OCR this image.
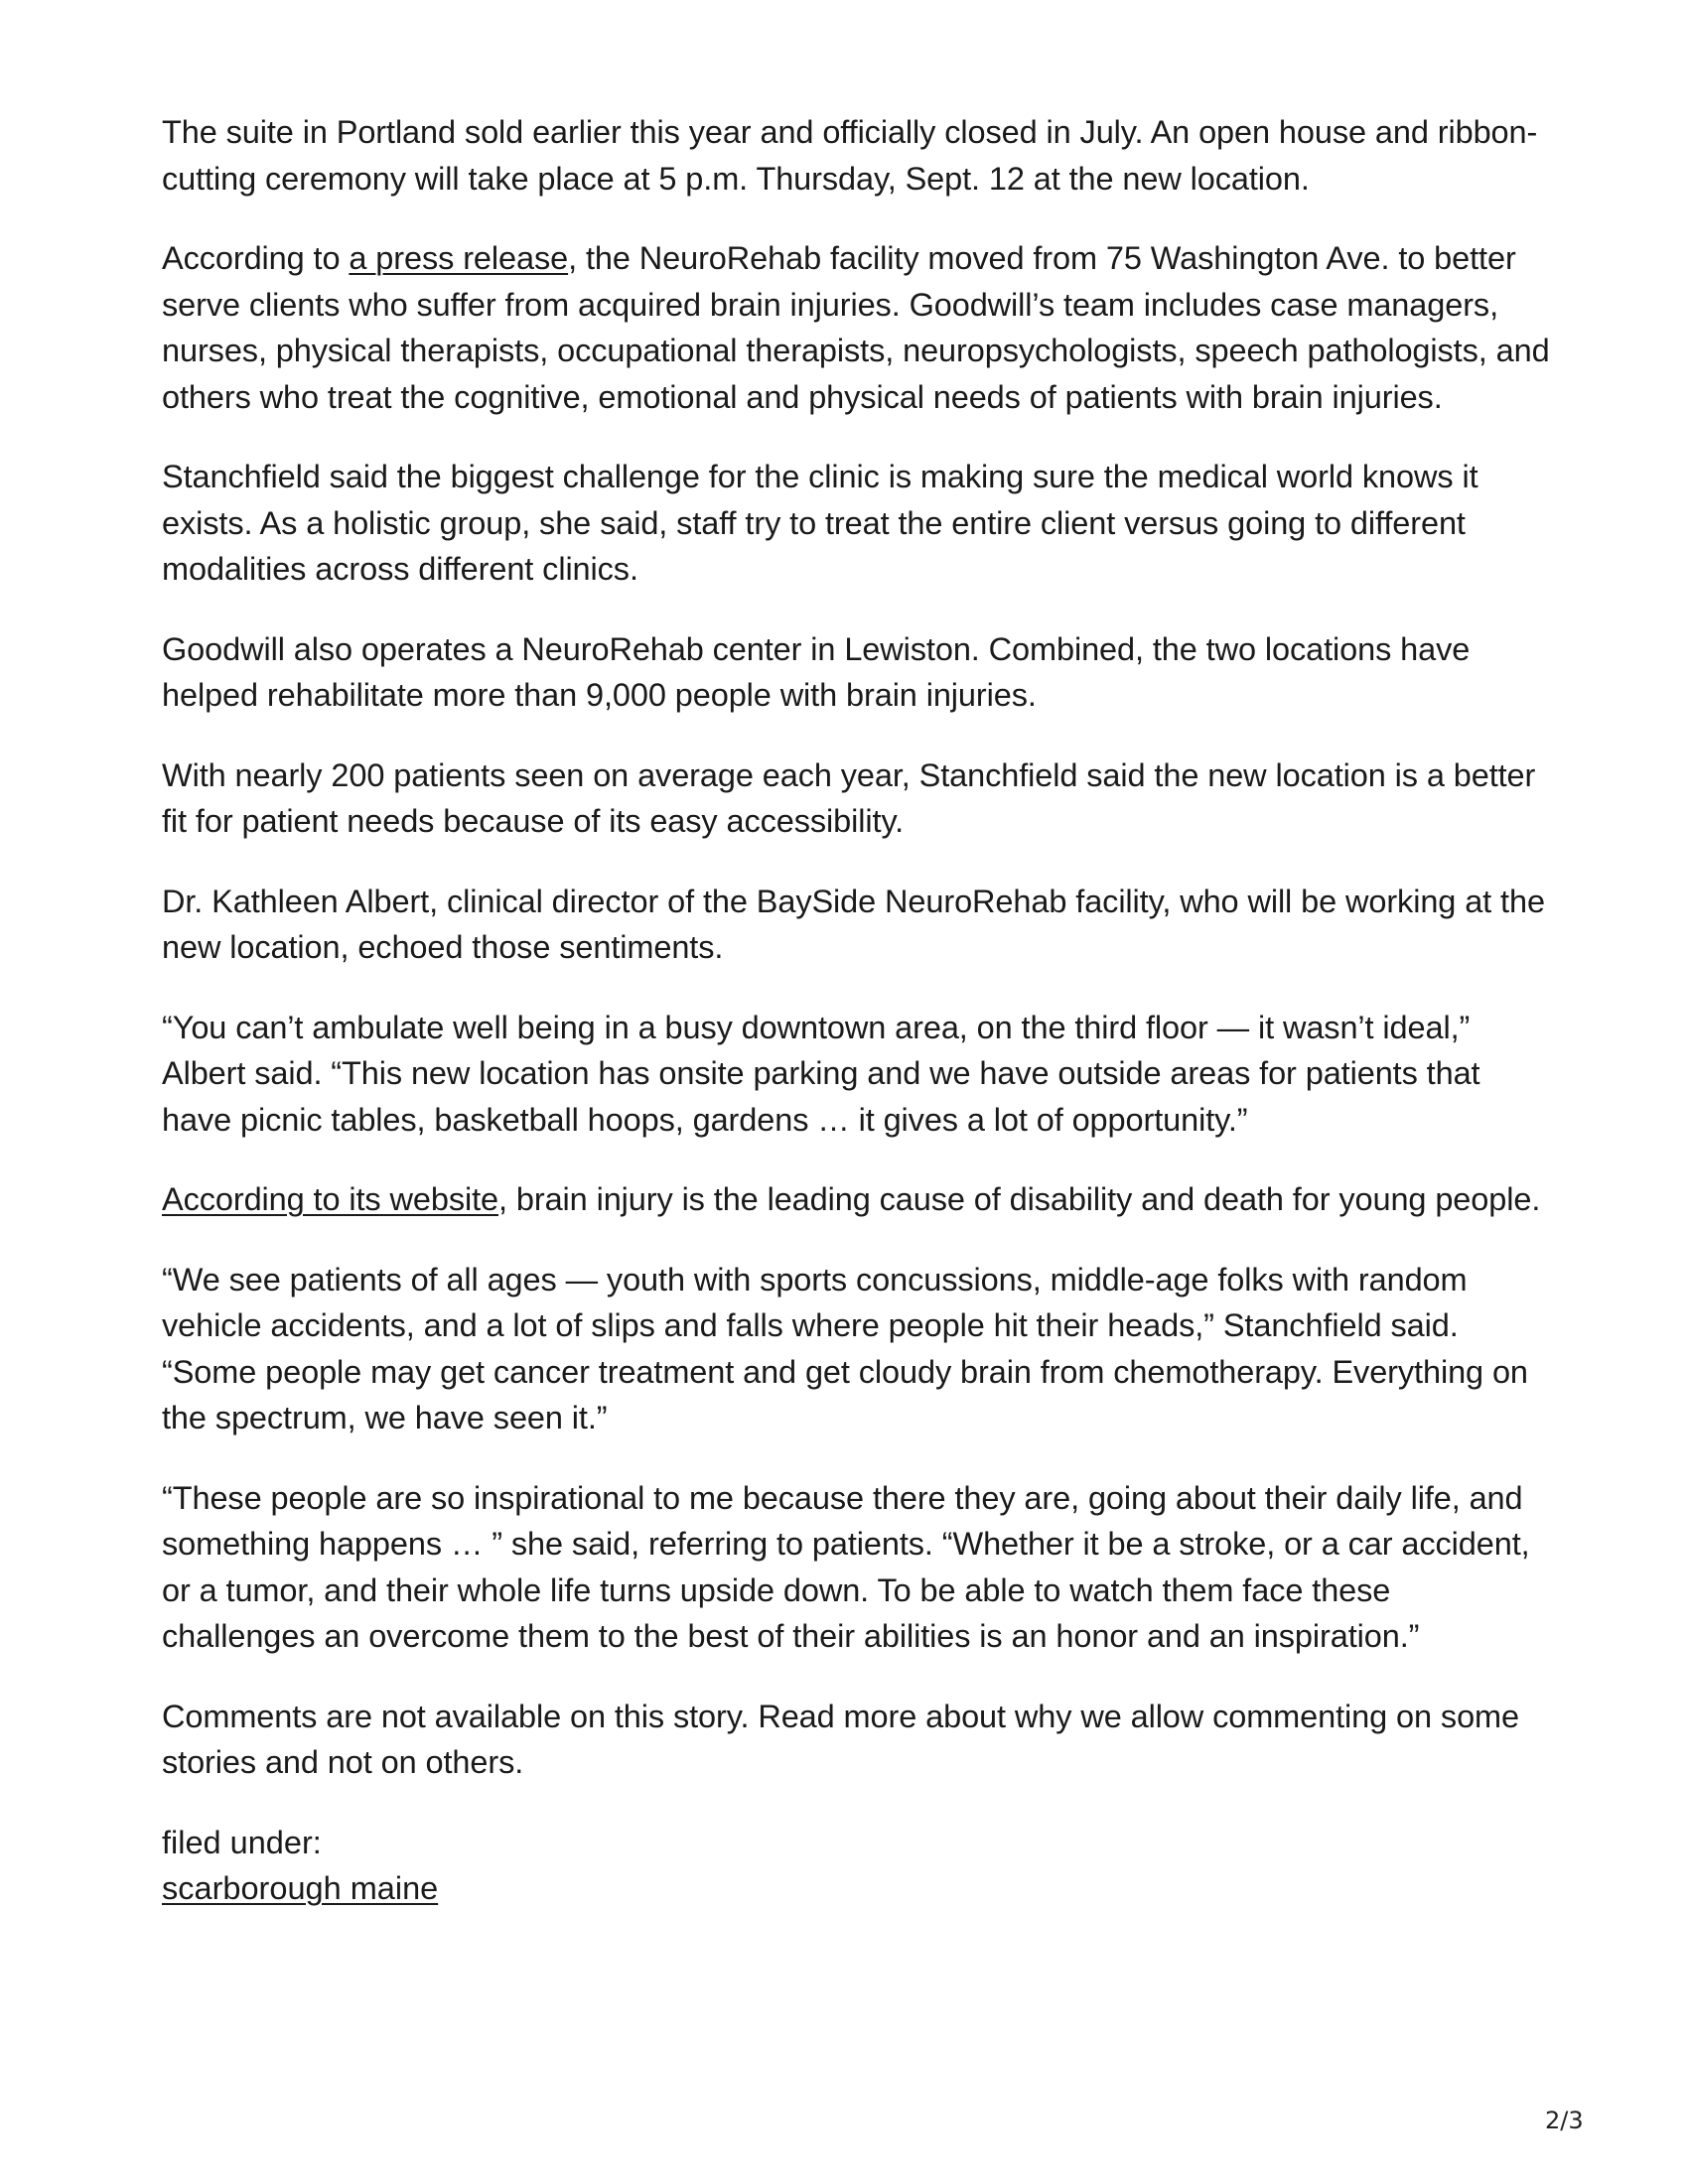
The suite in Portland sold earlier this year and officially closed in July. An open house and ribbon-cutting ceremony will take place at 5 p.m. Thursday, Sept. 12 at the new location.

According to a press release, the NeuroRehab facility moved from 75 Washington Ave. to better serve clients who suffer from acquired brain injuries. Goodwill’s team includes case managers, nurses, physical therapists, occupational therapists, neuropsychologists, speech pathologists, and others who treat the cognitive, emotional and physical needs of patients with brain injuries.

Stanchfield said the biggest challenge for the clinic is making sure the medical world knows it exists. As a holistic group, she said, staff try to treat the entire client versus going to different modalities across different clinics.

Goodwill also operates a NeuroRehab center in Lewiston. Combined, the two locations have helped rehabilitate more than 9,000 people with brain injuries.

With nearly 200 patients seen on average each year, Stanchfield said the new location is a better fit for patient needs because of its easy accessibility.

Dr. Kathleen Albert, clinical director of the BaySide NeuroRehab facility, who will be working at the new location, echoed those sentiments.

“You can’t ambulate well being in a busy downtown area, on the third floor — it wasn’t ideal,” Albert said. “This new location has onsite parking and we have outside areas for patients that have picnic tables, basketball hoops, gardens … it gives a lot of opportunity.”

According to its website, brain injury is the leading cause of disability and death for young people.

“We see patients of all ages — youth with sports concussions, middle-age folks with random vehicle accidents, and a lot of slips and falls where people hit their heads,” Stanchfield said. “Some people may get cancer treatment and get cloudy brain from chemotherapy. Everything on the spectrum, we have seen it.”

“These people are so inspirational to me because there they are, going about their daily life, and something happens … ” she said, referring to patients. “Whether it be a stroke, or a car accident, or a tumor, and their whole life turns upside down. To be able to watch them face these challenges an overcome them to the best of their abilities is an honor and an inspiration.”

Comments are not available on this story. Read more about why we allow commenting on some stories and not on others.

filed under:

scarborough maine

2/3
